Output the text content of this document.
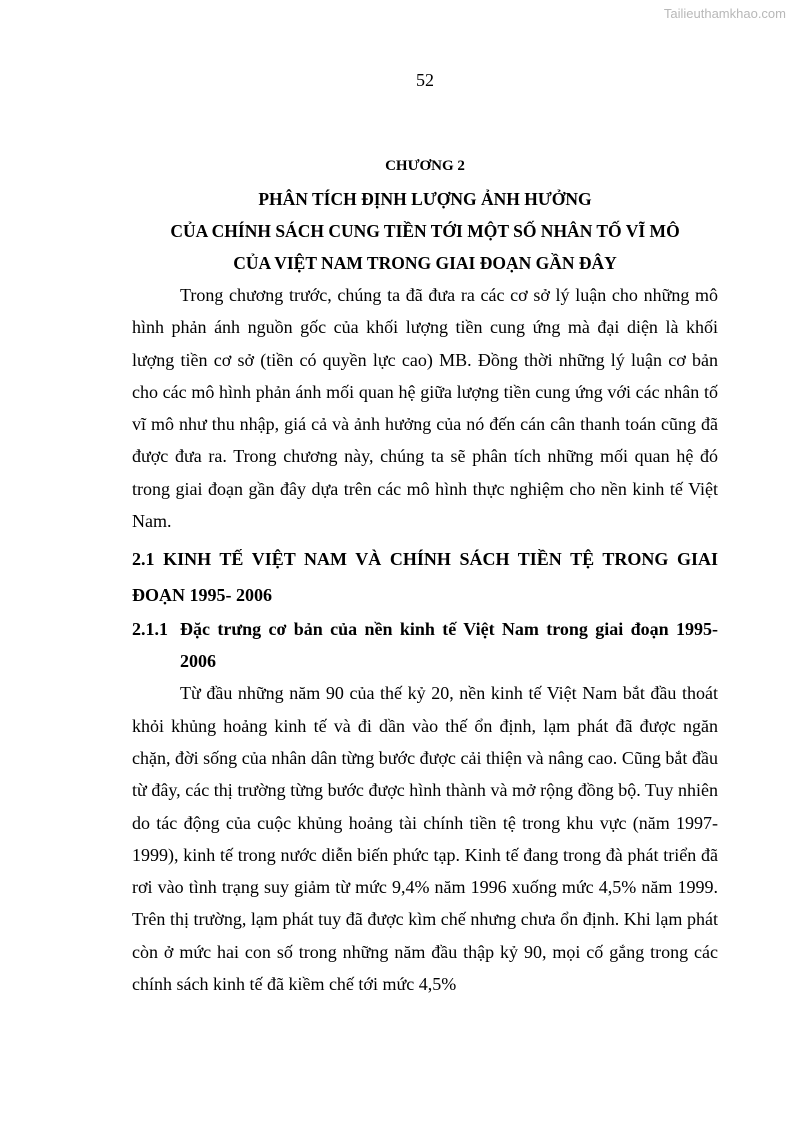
Tailieuthamkhao.com
52
CHƯƠNG 2

PHÂN TÍCH ĐỊNH LƯỢNG ẢNH HƯỞNG

CỦA CHÍNH SÁCH CUNG TIỀN TỚI MỘT SỐ NHÂN TỐ VĨ MÔ

CỦA VIỆT NAM TRONG GIAI ĐOẠN GẦN ĐÂY

Trong chương trước, chúng ta đã đưa ra các cơ sở lý luận cho những mô hình phản ánh nguồn gốc của khối lượng tiền cung ứng mà đại diện là khối lượng tiền cơ sở (tiền có quyền lực cao) MB. Đồng thời những lý luận cơ bản cho các mô hình phản ánh mối quan hệ giữa lượng tiền cung ứng với các nhân tố vĩ mô như thu nhập, giá cả và ảnh hưởng của nó đến cán cân thanh toán cũng đã được đưa ra. Trong chương này, chúng ta sẽ phân tích những mối quan hệ đó trong giai đoạn gần đây dựa trên các mô hình thực nghiệm cho nền kinh tế Việt Nam.

2.1 KINH TẾ VIỆT NAM VÀ CHÍNH SÁCH TIỀN TỆ TRONG GIAI ĐOẠN 1995- 2006
2.1.1 Đặc trưng cơ bản của nền kinh tế Việt Nam trong giai đoạn 1995- 2006

Từ đầu những năm 90 của thế kỷ 20, nền kinh tế Việt Nam bắt đầu thoát khỏi khủng hoảng kinh tế và đi dần vào thế ổn định, lạm phát đã được ngăn chặn, đời sống của nhân dân từng bước được cải thiện và nâng cao. Cũng bắt đầu từ đây, các thị trường từng bước được hình thành và mở rộng đồng bộ. Tuy nhiên do tác động của cuộc khủng hoảng tài chính tiền tệ trong khu vực (năm 1997- 1999), kinh tế trong nước diễn biến phức tạp. Kinh tế đang trong đà phát triển đã rơi vào tình trạng suy giảm từ mức 9,4% năm 1996 xuống mức 4,5% năm 1999. Trên thị trường, lạm phát tuy đã được kìm chế nhưng chưa ổn định. Khi lạm phát còn ở mức hai con số trong những năm đầu thập kỷ 90, mọi cố gắng trong các chính sách kinh tế đã kiềm chế tới mức 4,5%
